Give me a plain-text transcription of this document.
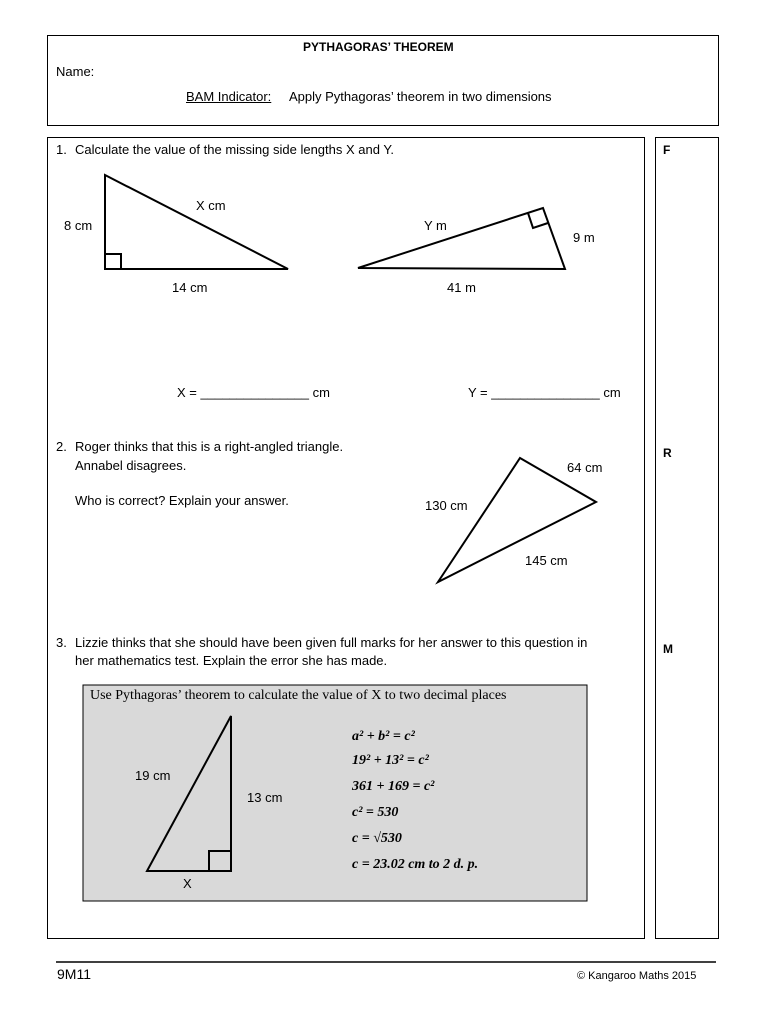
PYTHAGORAS’ THEOREM
Name:
BAM Indicator: Apply Pythagoras’ theorem in two dimensions
F
R
M
1. Calculate the value of the missing side lengths X and Y.
8 cm
X cm
14 cm
Y m
9 m
41 m
X = _______________ cm	Y = _______________ cm
2. Roger thinks that this is a right-angled triangle.
Annabel disagrees.
Who is correct? Explain your answer.
64 cm
130 cm
145 cm
3. Lizzie thinks that she should have been given full marks for her answer to this question in
her mathematics test. Explain the error she has made.
Use Pythagoras’ theorem to calculate the value of X to two decimal places
19 cm
13 cm
X
a² + b² = c²
19² + 13² = c²
361 + 169 = c²
c² = 530
c = √530
c = 23.02 cm to 2 d. p.
9M11	© Kangaroo Maths 2015
